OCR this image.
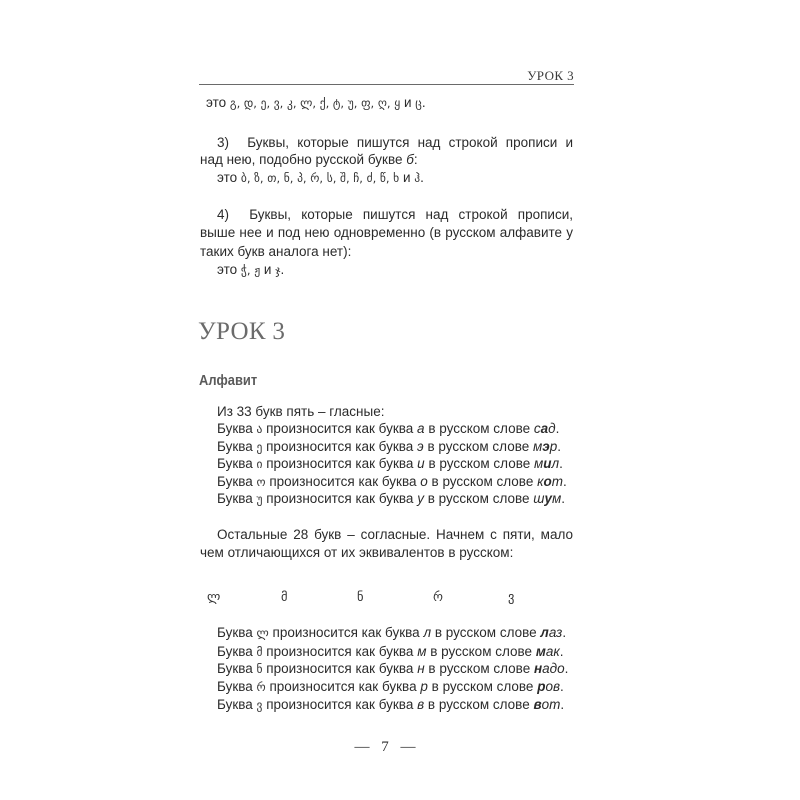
УРОК 3
это გ, დ, ე, ვ, კ, ლ, ქ, ტ, უ, ფ, ღ, ყ и ც.
3) Буквы, которые пишутся над строкой прописи и
над нею, подобно русской букве б:
это ბ, ზ, თ, ნ, პ, რ, ს, შ, ჩ, ძ, წ, ხ и ჰ.
4) Буквы, которые пишутся над строкой прописи,
выше нее и под нею одновременно (в русском алфавите у
таких букв аналога нет):
это ჭ, ჟ и ჯ.
УРОК 3
Алфавит
Из 33 букв пять – гласные:
Буква ა произносится как буква а в русском слове сад.
Буква ე произносится как буква э в русском слове мэр.
Буква ი произносится как буква и в русском слове мил.
Буква ო произносится как буква о в русском слове кот.
Буква უ произносится как буква у в русском слове шум.
Остальные 28 букв – согласные. Начнем с пяти, мало
чем отличающихся от их эквивалентов в русском:
ლ	მ	ნ	რ	ვ
Буква ლ произносится как буква л в русском слове лаз.
Буква მ произносится как буква м в русском слове мак.
Буква ნ произносится как буква н в русском слове надо.
Буква რ произносится как буква р в русском слове ров.
Буква ვ произносится как буква в в русском слове вот.
— 7 —
